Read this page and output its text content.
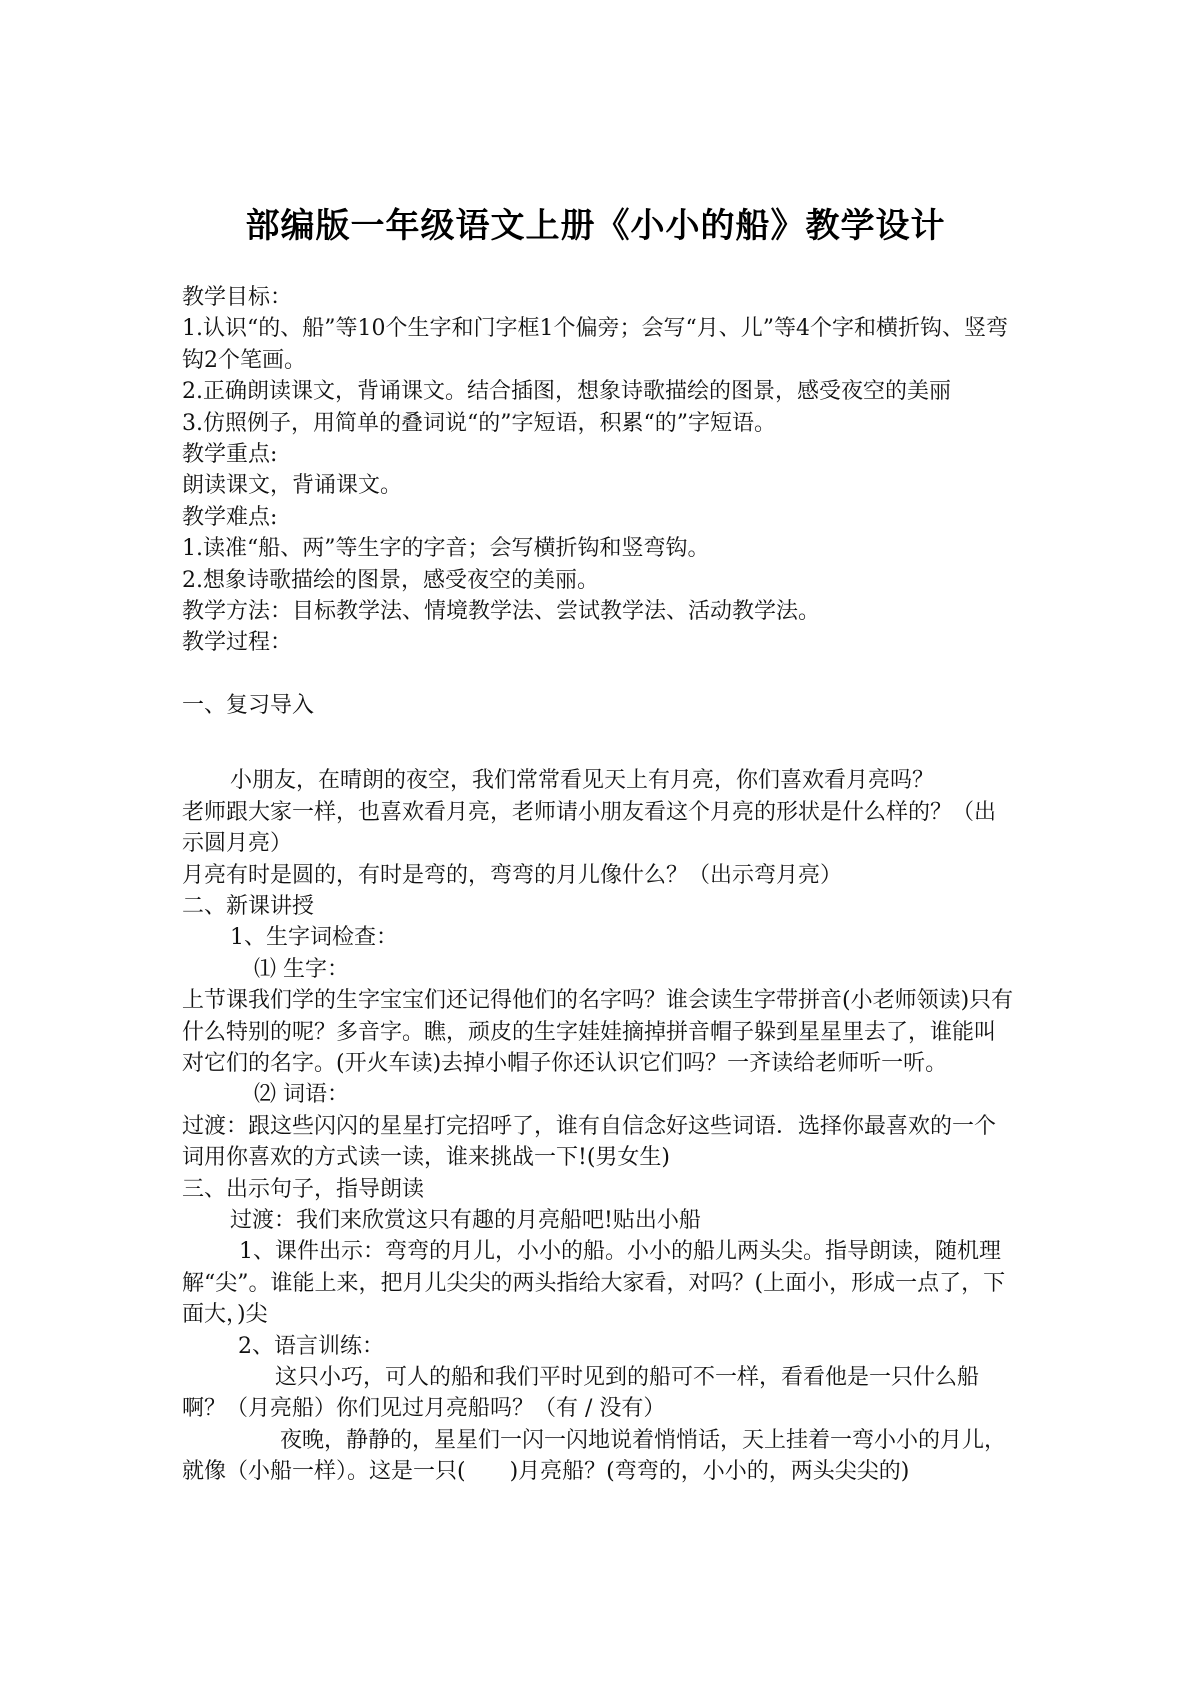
部编版一年级语文上册《小小的船》教学设计

教学目标：

1.认识“的、船”等10个生字和门字框1个偏旁；会写“月、儿”等4个字和横折钩、竖弯钩2个笔画。

2.正确朗读课文，背诵课文。结合插图，想象诗歌描绘的图景，感受夜空的美丽

3.仿照例子，用简单的叠词说“的”字短语，积累“的”字短语。

教学重点:

朗读课文，背诵课文。

教学难点:

1.读准“船、两”等生字的字音；会写横折钩和竖弯钩。

2.想象诗歌描绘的图景，感受夜空的美丽。

教学方法：目标教学法、情境教学法、尝试教学法、活动教学法。

教学过程：

一、复习导入

小朋友，在晴朗的夜空，我们常常看见天上有月亮，你们喜欢看月亮吗？

老师跟大家一样，也喜欢看月亮，老师请小朋友看这个月亮的形状是什么样的？（出示圆月亮）

月亮有时是圆的，有时是弯的，弯弯的月儿像什么？（出示弯月亮）

二、新课讲授

1、生字词检查：

⑴ 生字：

上节课我们学的生字宝宝们还记得他们的名字吗？谁会读生字带拼音(小老师领读)只有什么特别的呢？多音字。瞧，顽皮的生字娃娃摘掉拼音帽子躲到星星里去了，谁能叫对它们的名字。(开火车读)去掉小帽子你还认识它们吗？一齐读给老师听一听。

⑵ 词语：

过渡：跟这些闪闪的星星打完招呼了，谁有自信念好这些词语．选择你最喜欢的一个词用你喜欢的方式读一读，谁来挑战一下!(男女生)

三、出示句子，指导朗读

过渡：我们来欣赏这只有趣的月亮船吧!贴出小船

1、课件出示：弯弯的月儿，小小的船。小小的船儿两头尖。指导朗读，随机理解“尖”。谁能上来，把月儿尖尖的两头指给大家看，对吗？(上面小，形成一点了，下面大，)尖

2、语言训练：

这只小巧，可人的船和我们平时见到的船可不一样，看看他是一只什么船啊？（月亮船）你们见过月亮船吗？（有 / 没有）

夜晚，静静的，星星们一闪一闪地说着悄悄话，天上挂着一弯小小的月儿，就像（小船一样）。这是一只(　　)月亮船？(弯弯的，小小的，两头尖尖的)
